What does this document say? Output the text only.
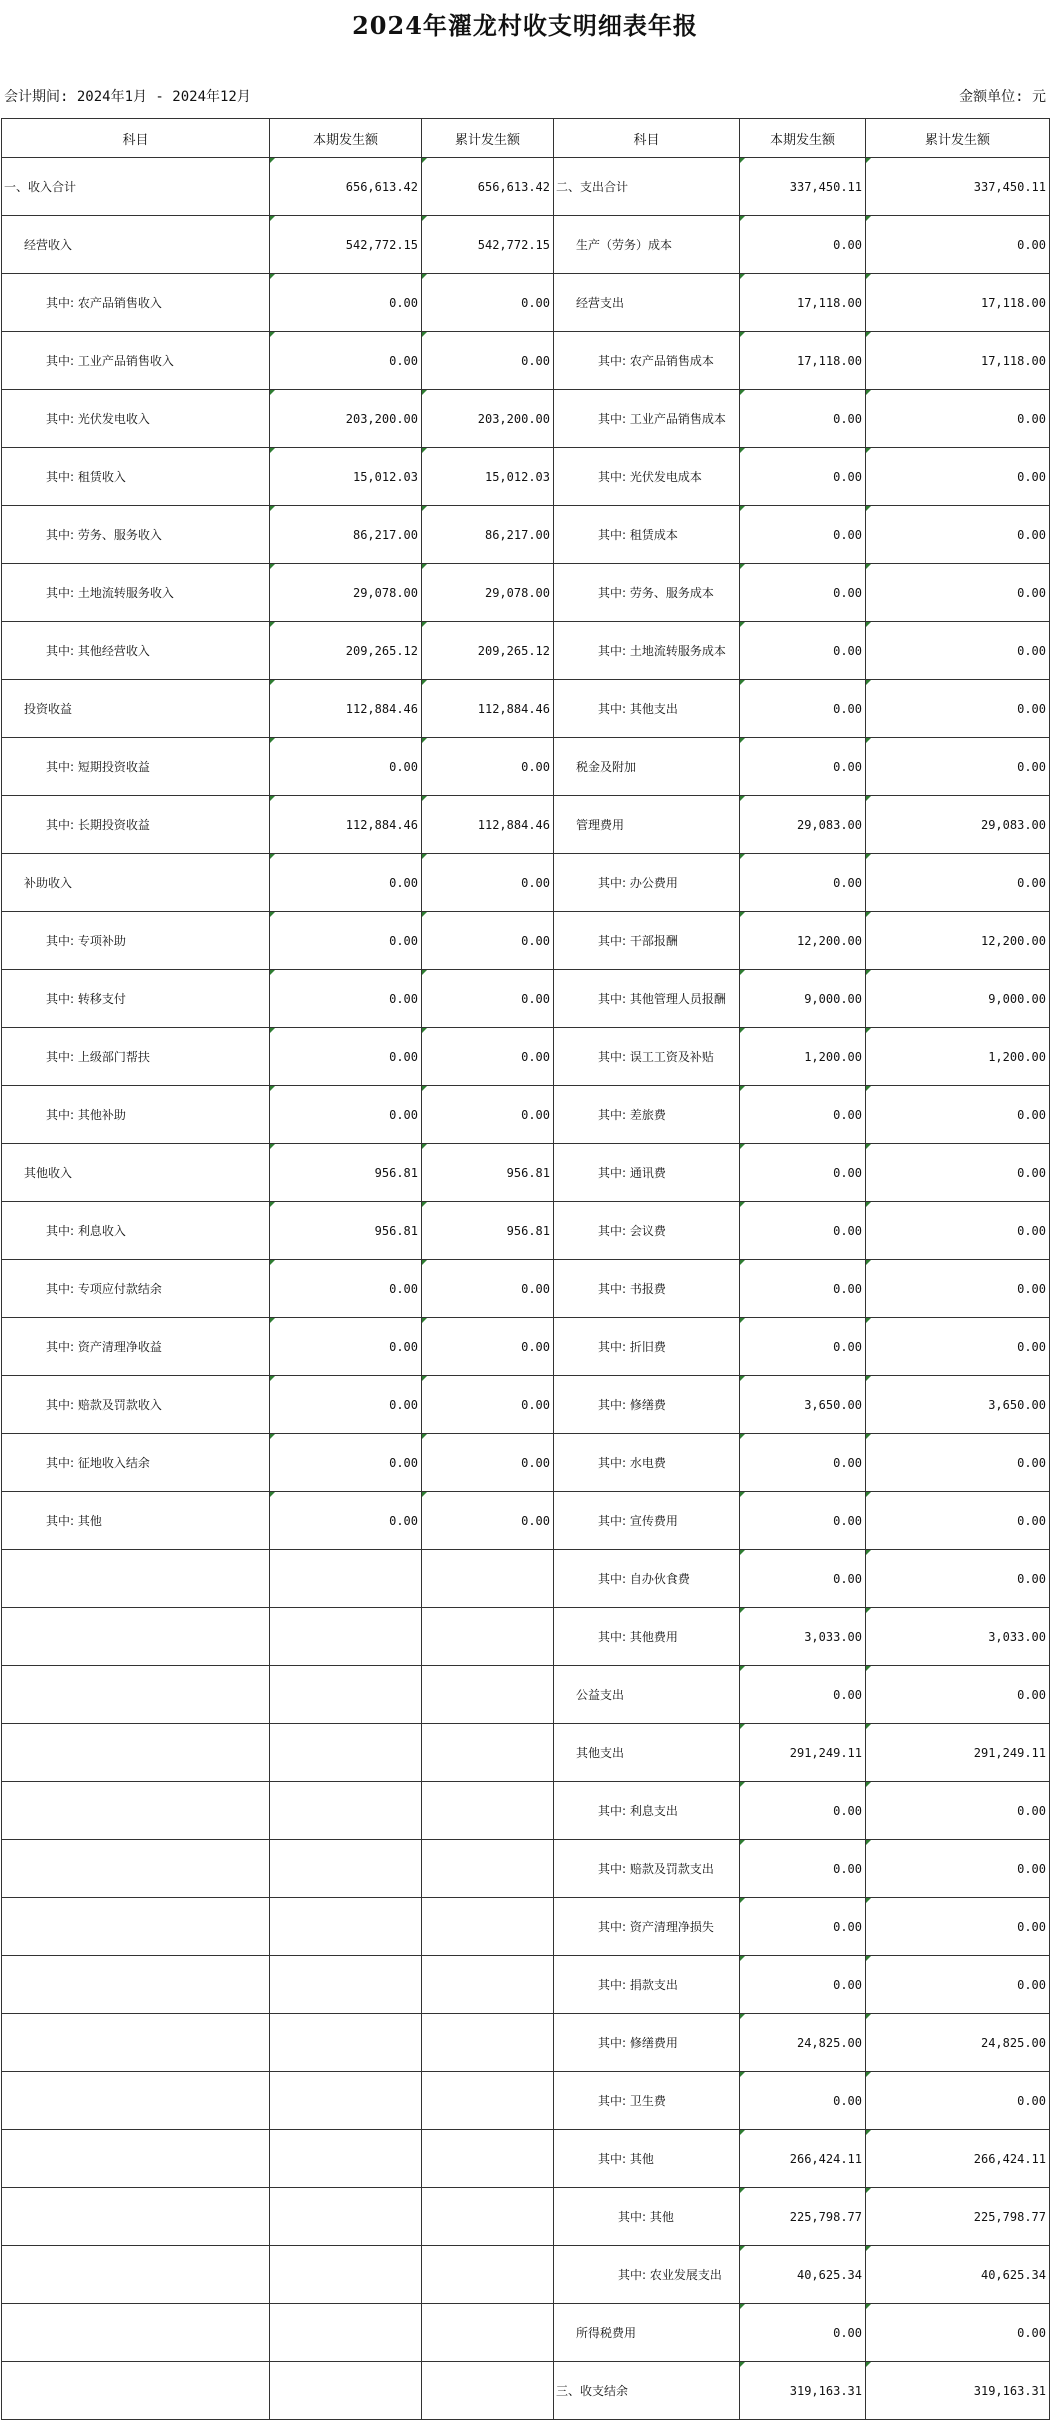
2024年濯龙村收支明细表年报
会计期间: 2024年1月 - 2024年12月	金额单位: 元
科目	本期发生额	累计发生额	科目	本期发生额	累计发生额
一、收入合计	656,613.42	656,613.42	二、支出合计	337,450.11	337,450.11
经营收入	542,772.15	542,772.15	生产（劳务）成本	0.00	0.00
其中: 农产品销售收入	0.00	0.00	经营支出	17,118.00	17,118.00
其中: 工业产品销售收入	0.00	0.00	其中: 农产品销售成本	17,118.00	17,118.00
其中: 光伏发电收入	203,200.00	203,200.00	其中: 工业产品销售成本	0.00	0.00
其中: 租赁收入	15,012.03	15,012.03	其中: 光伏发电成本	0.00	0.00
其中: 劳务、服务收入	86,217.00	86,217.00	其中: 租赁成本	0.00	0.00
其中: 土地流转服务收入	29,078.00	29,078.00	其中: 劳务、服务成本	0.00	0.00
其中: 其他经营收入	209,265.12	209,265.12	其中: 土地流转服务成本	0.00	0.00
投资收益	112,884.46	112,884.46	其中: 其他支出	0.00	0.00
其中: 短期投资收益	0.00	0.00	税金及附加	0.00	0.00
其中: 长期投资收益	112,884.46	112,884.46	管理费用	29,083.00	29,083.00
补助收入	0.00	0.00	其中: 办公费用	0.00	0.00
其中: 专项补助	0.00	0.00	其中: 干部报酬	12,200.00	12,200.00
其中: 转移支付	0.00	0.00	其中: 其他管理人员报酬	9,000.00	9,000.00
其中: 上级部门帮扶	0.00	0.00	其中: 误工工资及补贴	1,200.00	1,200.00
其中: 其他补助	0.00	0.00	其中: 差旅费	0.00	0.00
其他收入	956.81	956.81	其中: 通讯费	0.00	0.00
其中: 利息收入	956.81	956.81	其中: 会议费	0.00	0.00
其中: 专项应付款结余	0.00	0.00	其中: 书报费	0.00	0.00
其中: 资产清理净收益	0.00	0.00	其中: 折旧费	0.00	0.00
其中: 赔款及罚款收入	0.00	0.00	其中: 修缮费	3,650.00	3,650.00
其中: 征地收入结余	0.00	0.00	其中: 水电费	0.00	0.00
其中: 其他	0.00	0.00	其中: 宣传费用	0.00	0.00
			其中: 自办伙食费	0.00	0.00
			其中: 其他费用	3,033.00	3,033.00
			公益支出	0.00	0.00
			其他支出	291,249.11	291,249.11
			其中: 利息支出	0.00	0.00
			其中: 赔款及罚款支出	0.00	0.00
			其中: 资产清理净损失	0.00	0.00
			其中: 捐款支出	0.00	0.00
			其中: 修缮费用	24,825.00	24,825.00
			其中: 卫生费	0.00	0.00
			其中: 其他	266,424.11	266,424.11
			其中: 其他	225,798.77	225,798.77
			其中: 农业发展支出	40,625.34	40,625.34
			所得税费用	0.00	0.00
			三、收支结余	319,163.31	319,163.31
